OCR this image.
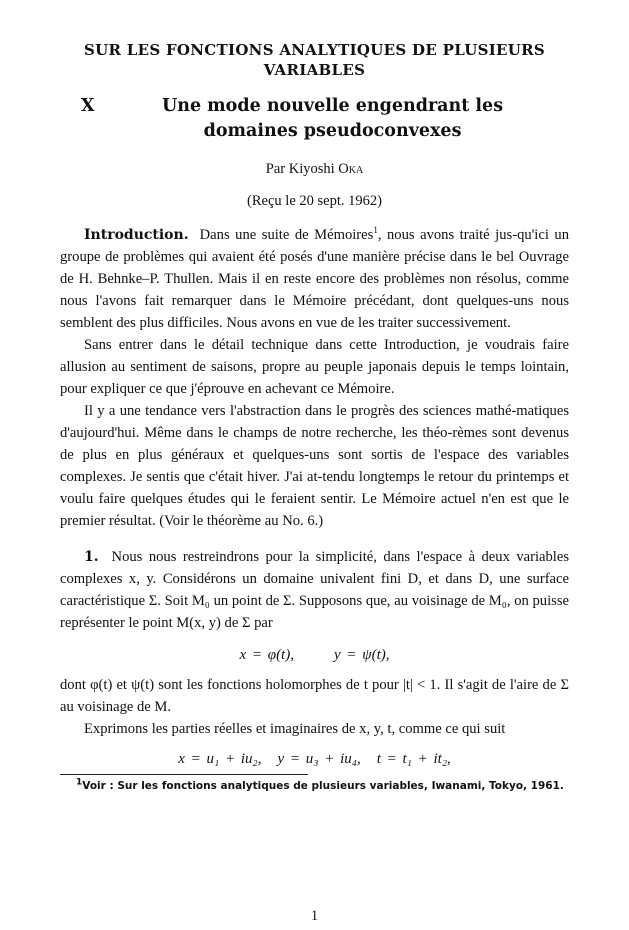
SUR LES FONCTIONS ANALYTIQUES DE PLUSIEURS VARIABLES
X	Une mode nouvelle engendrant les domaines pseudoconvexes
Par Kiyoshi Oka
(Reçu le 20 sept. 1962)

Introduction. Dans une suite de Mémoires$^1$, nous avons traité jus-qu'ici un groupe de problèmes qui avaient été posés d'une manière précise dans le bel Ouvrage de H. Behnke–P. Thullen. Mais il en reste encore des problèmes non résolus, comme nous l'avons fait remarquer dans le Mémoire précédant, dont quelques-uns nous semblent des plus difficiles. Nous avons en vue de les traiter successivement.

Sans entrer dans le détail technique dans cette Introduction, je voudrais faire allusion au sentiment de saisons, propre au peuple japonais depuis le temps lointain, pour expliquer ce que j'éprouve en achevant ce Mémoire.

Il y a une tendance vers l'abstraction dans le progrès des sciences mathé-matiques d'aujourd'hui. Même dans le champs de notre recherche, les théo-rèmes sont devenus de plus en plus généraux et quelques-uns sont sortis de l'espace des variables complexes. Je sentis que c'était hiver. J'ai at-tendu longtemps le retour du printemps et voulu faire quelques études qui le feraient sentir. Le Mémoire actuel n'en est que le premier résultat. (Voir le théorème au No. 6.)

1. Nous nous restreindrons pour la simplicité, dans l'espace à deux variables complexes x, y. Considérons un domaine univalent fini D, et dans D, une surface caractéristique Σ. Soit M₀ un point de Σ. Supposons que, au voisinage de M₀, on puisse représenter le point M(x, y) de Σ par

x = φ(t),	y = ψ(t),

dont φ(t) et ψ(t) sont les fonctions holomorphes de t pour |t| < 1. Il s'agit de l'aire de Σ au voisinage de M.

Exprimons les parties réelles et imaginaires de x, y, t, comme ce qui suit

x = u₁ + iu₂, y = u₃ + iu₄, t = t₁ + it₂,
$^1$Voir : Sur les fonctions analytiques de plusieurs variables, Iwanami, Tokyo, 1961.
1
